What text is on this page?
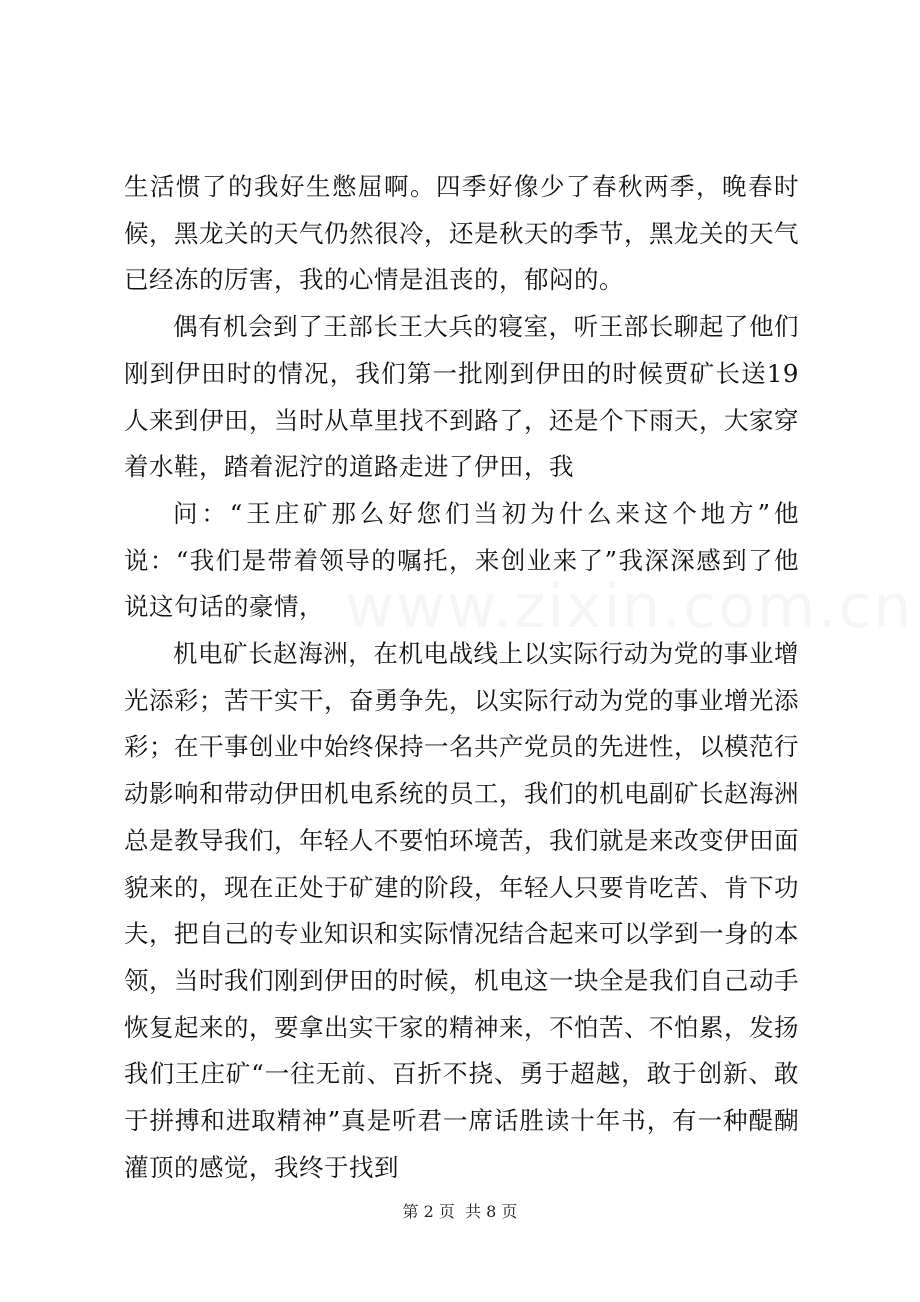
www.zixin.com.cn

生活惯了的我好生憋屈啊。四季好像少了春秋两季，晚春时候，黑龙关的天气仍然很冷，还是秋天的季节，黑龙关的天气已经冻的厉害，我的心情是沮丧的，郁闷的。

偶有机会到了王部长王大兵的寝室，听王部长聊起了他们刚到伊田时的情况，我们第一批刚到伊田的时候贾矿长送19人来到伊田，当时从草里找不到路了，还是个下雨天，大家穿着水鞋，踏着泥泞的道路走进了伊田，我

问：“王庄矿那么好您们当初为什么来这个地方”他说：“我们是带着领导的嘱托，来创业来了”我深深感到了他说这句话的豪情，

机电矿长赵海洲，在机电战线上以实际行动为党的事业增光添彩；苦干实干，奋勇争先，以实际行动为党的事业增光添彩；在干事创业中始终保持一名共产党员的先进性，以模范行动影响和带动伊田机电系统的员工，我们的机电副矿长赵海洲总是教导我们，年轻人不要怕环境苦，我们就是来改变伊田面貌来的，现在正处于矿建的阶段，年轻人只要肯吃苦、肯下功夫，把自己的专业知识和实际情况结合起来可以学到一身的本领，当时我们刚到伊田的时候，机电这一块全是我们自己动手恢复起来的，要拿出实干家的精神来，不怕苦、不怕累，发扬我们王庄矿“一往无前、百折不挠、勇于超越，敢于创新、敢于拼搏和进取精神”真是听君一席话胜读十年书，有一种醍醐灌顶的感觉，我终于找到

第 2 页 共 8 页
